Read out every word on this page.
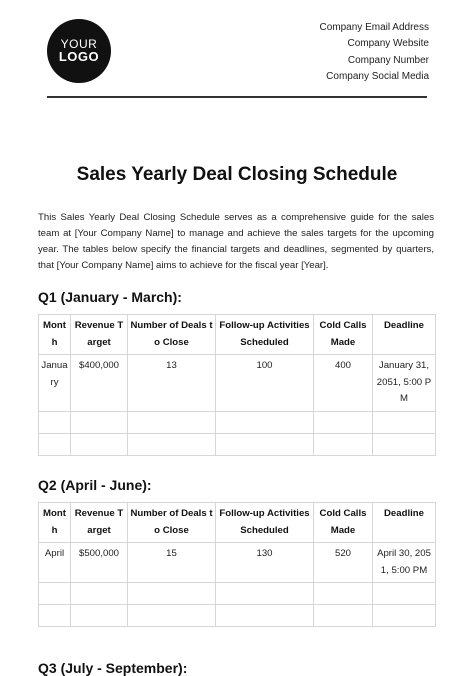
YOUR
LOGO
Company Email Address
Company Website
Company Number
Company Social Media
Sales Yearly Deal Closing Schedule
This Sales Yearly Deal Closing Schedule serves as a comprehensive guide for the sales team at [Your Company Name] to manage and achieve the sales targets for the upcoming year. The tables below specify the financial targets and deadlines, segmented by quarters, that [Your Company Name] aims to achieve for the fiscal year [Year].
Q1 (January - March):
Month	Revenue Target	Number of Deals to Close	Follow-up Activities Scheduled	Cold Calls Made	Deadline
January	$400,000	13	100	400	January 31, 2051, 5:00 PM

Q2 (April - June):
Month	Revenue Target	Number of Deals to Close	Follow-up Activities Scheduled	Cold Calls Made	Deadline
April	$500,000	15	130	520	April 30, 2051, 5:00 PM

Q3 (July - September):
